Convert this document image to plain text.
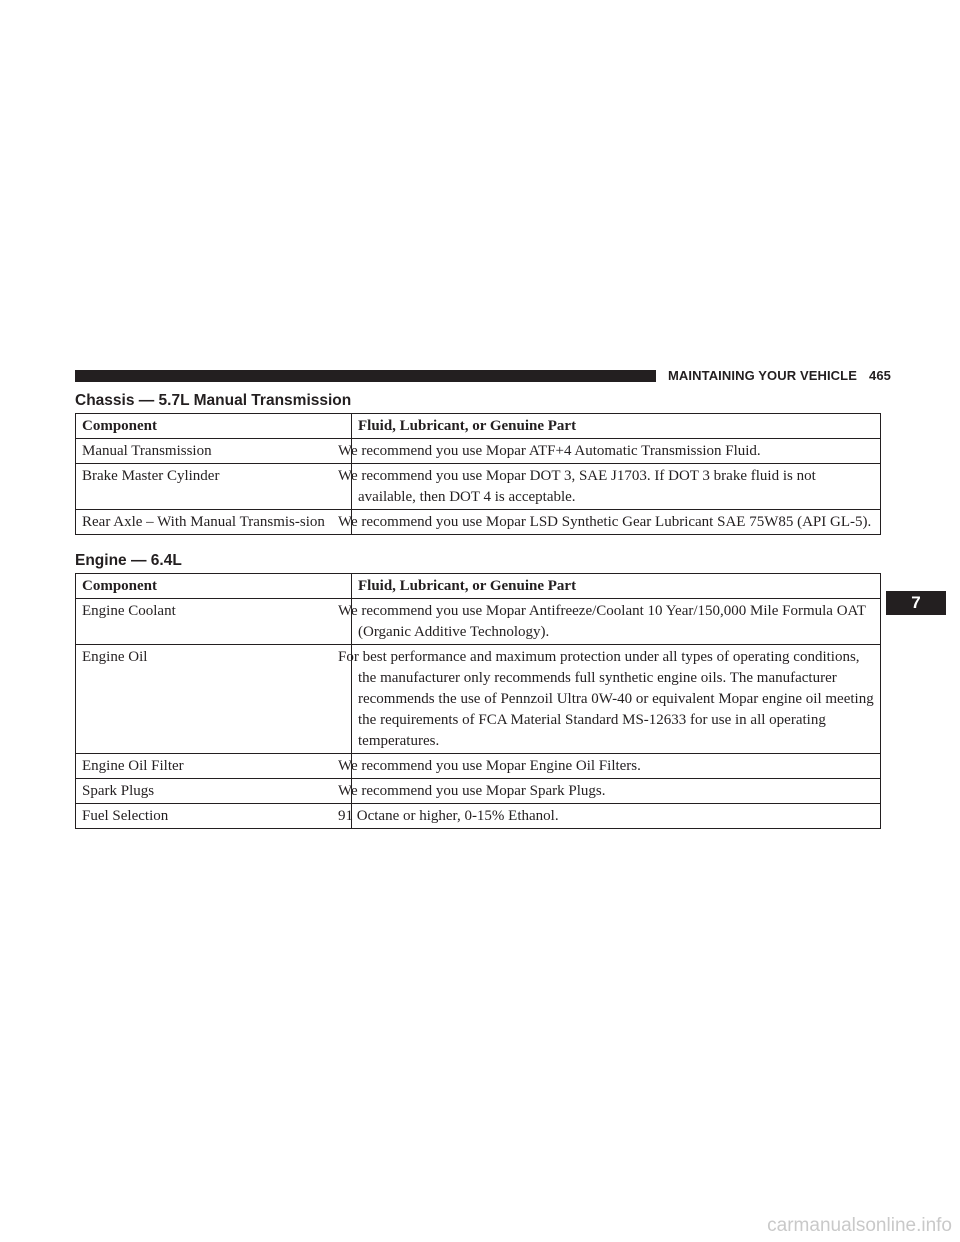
MAINTAINING YOUR VEHICLE 465
Chassis — 5.7L Manual Transmission
Component	Fluid, Lubricant, or Genuine Part
Manual Transmission	We recommend you use Mopar ATF+4 Automatic Transmission Fluid.
Brake Master Cylinder	We recommend you use Mopar DOT 3, SAE J1703. If DOT 3 brake fluid is not available, then DOT 4 is acceptable.
Rear Axle – With Manual Transmis-sion	We recommend you use Mopar LSD Synthetic Gear Lubricant SAE 75W85 (API GL-5).
Engine — 6.4L
Component	Fluid, Lubricant, or Genuine Part
Engine Coolant	We recommend you use Mopar Antifreeze/Coolant 10 Year/150,000 Mile Formula OAT (Organic Additive Technology).
Engine Oil	For best performance and maximum protection under all types of operating conditions, the manufacturer only recommends full synthetic engine oils. The manufacturer recommends the use of Pennzoil Ultra 0W-40 or equivalent Mopar engine oil meeting the requirements of FCA Material Standard MS-12633 for use in all operating temperatures.
Engine Oil Filter	We recommend you use Mopar Engine Oil Filters.
Spark Plugs	We recommend you use Mopar Spark Plugs.
Fuel Selection	91 Octane or higher, 0-15% Ethanol.
7
carmanualsonline.info
